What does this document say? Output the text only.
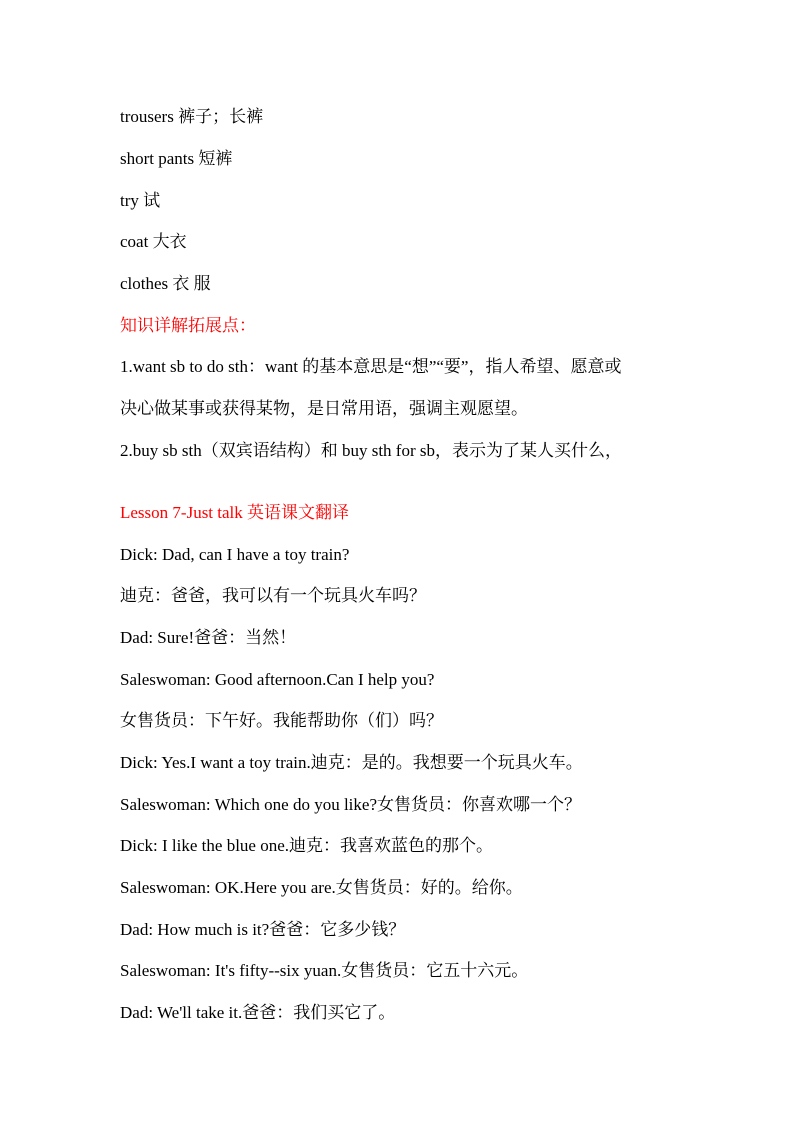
trousers 裤子；长裤
short pants 短裤
try 试
coat 大衣
clothes 衣 服
知识详解拓展点：
1.want sb to do sth：want 的基本意思是“想”“要”，指人希望、愿意或
决心做某事或获得某物，是日常用语，强调主观愿望。
2.buy sb sth（双宾语结构）和 buy sth for sb，表示为了某人买什么，
Lesson 7-Just talk 英语课文翻译
Dick: Dad, can I have a toy train?
迪克：爸爸，我可以有一个玩具火车吗？
Dad: Sure!爸爸：当然！
Saleswoman: Good afternoon.Can I help you?
女售货员：下午好。我能帮助你（们）吗？
Dick: Yes.I want a toy train.迪克：是的。我想要一个玩具火车。
Saleswoman: Which one do you like?女售货员：你喜欢哪一个？
Dick: I like the blue one.迪克：我喜欢蓝色的那个。
Saleswoman: OK.Here you are.女售货员：好的。给你。
Dad: How much is it?爸爸：它多少钱？
Saleswoman: It's fifty--six yuan.女售货员：它五十六元。
Dad: We'll take it.爸爸：我们买它了。
